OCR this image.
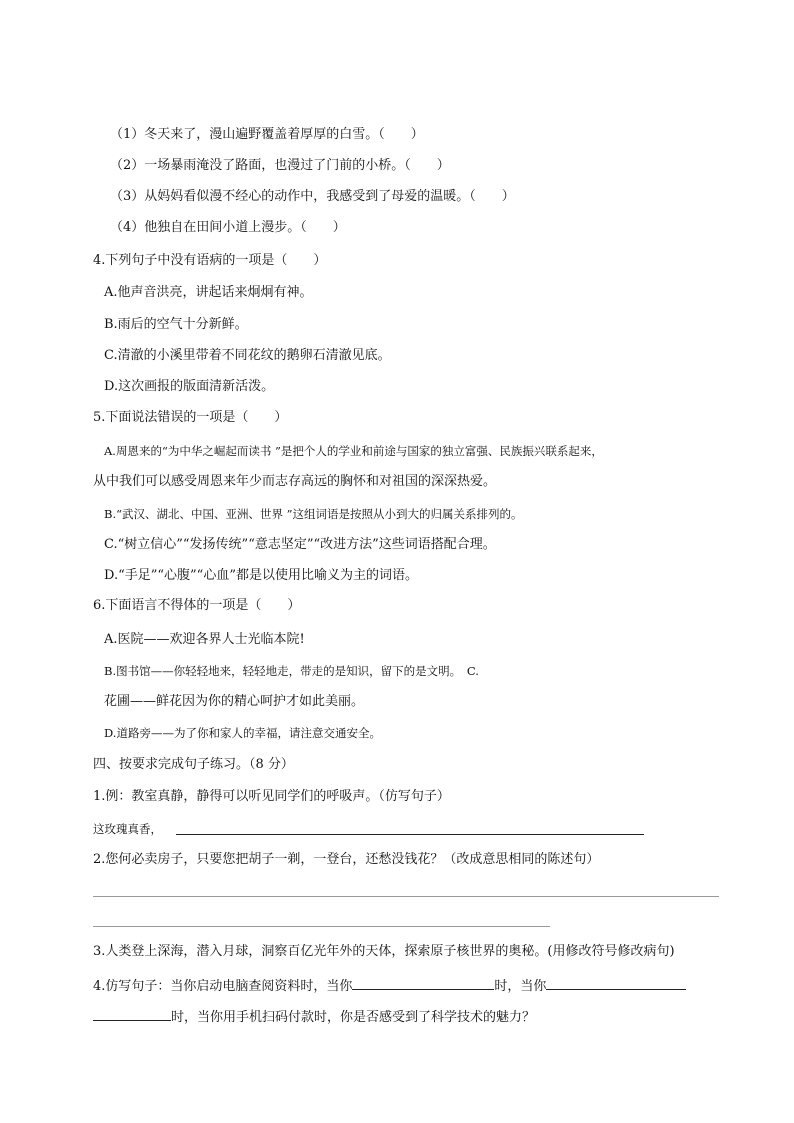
（1）冬天来了，漫山遍野覆盖着厚厚的白雪。（　　）
（2）一场暴雨淹没了路面，也漫过了门前的小桥。（　　）
（3）从妈妈看似漫不经心的动作中，我感受到了母爱的温暖。（　　）
（4）他独自在田间小道上漫步。（　　）
4.下列句子中没有语病的一项是（　　）
A.他声音洪亮，讲起话来炯炯有神。
B.雨后的空气十分新鲜。
C.清澈的小溪里带着不同花纹的鹅卵石清澈见底。
D.这次画报的版面清新活泼。
5.下面说法错误的一项是（　　）
A.周恩来的“为中华之崛起而读书 ”是把个人的学业和前途与国家的独立富强、民族振兴联系起来，
从中我们可以感受周恩来年少而志存高远的胸怀和对祖国的深深热爱。
B.“武汉、湖北、中国、亚洲、世界 ”这组词语是按照从小到大的归属关系排列的。
C.“树立信心”“发扬传统”“意志坚定”“改进方法”这些词语搭配合理。
D.“手足”“心腹”“心血”都是以使用比喻义为主的词语。
6.下面语言不得体的一项是（　　）
A.医院——欢迎各界人士光临本院!
B.图书馆——你轻轻地来，轻轻地走，带走的是知识，留下的是文明。　C.
花圃——鲜花因为你的精心呵护才如此美丽。
D.道路旁——为了你和家人的幸福，请注意交通安全。
四、按要求完成句子练习。（8 分）
1.例：教室真静，静得可以听见同学们的呼吸声。（仿写句子）
这玫瑰真香，
2.您何必卖房子，只要您把胡子一剃，一登台，还愁没钱花？（改成意思相同的陈述句）
3.人类登上深海，潜入月球，洞察百亿光年外的天体，探索原子核世界的奥秘。(用修改符号修改病句)
4.仿写句子：当你启动电脑查阅资料时，当你	时，当你
时，当你用手机扫码付款时，你是否感受到了科学技术的魅力？
